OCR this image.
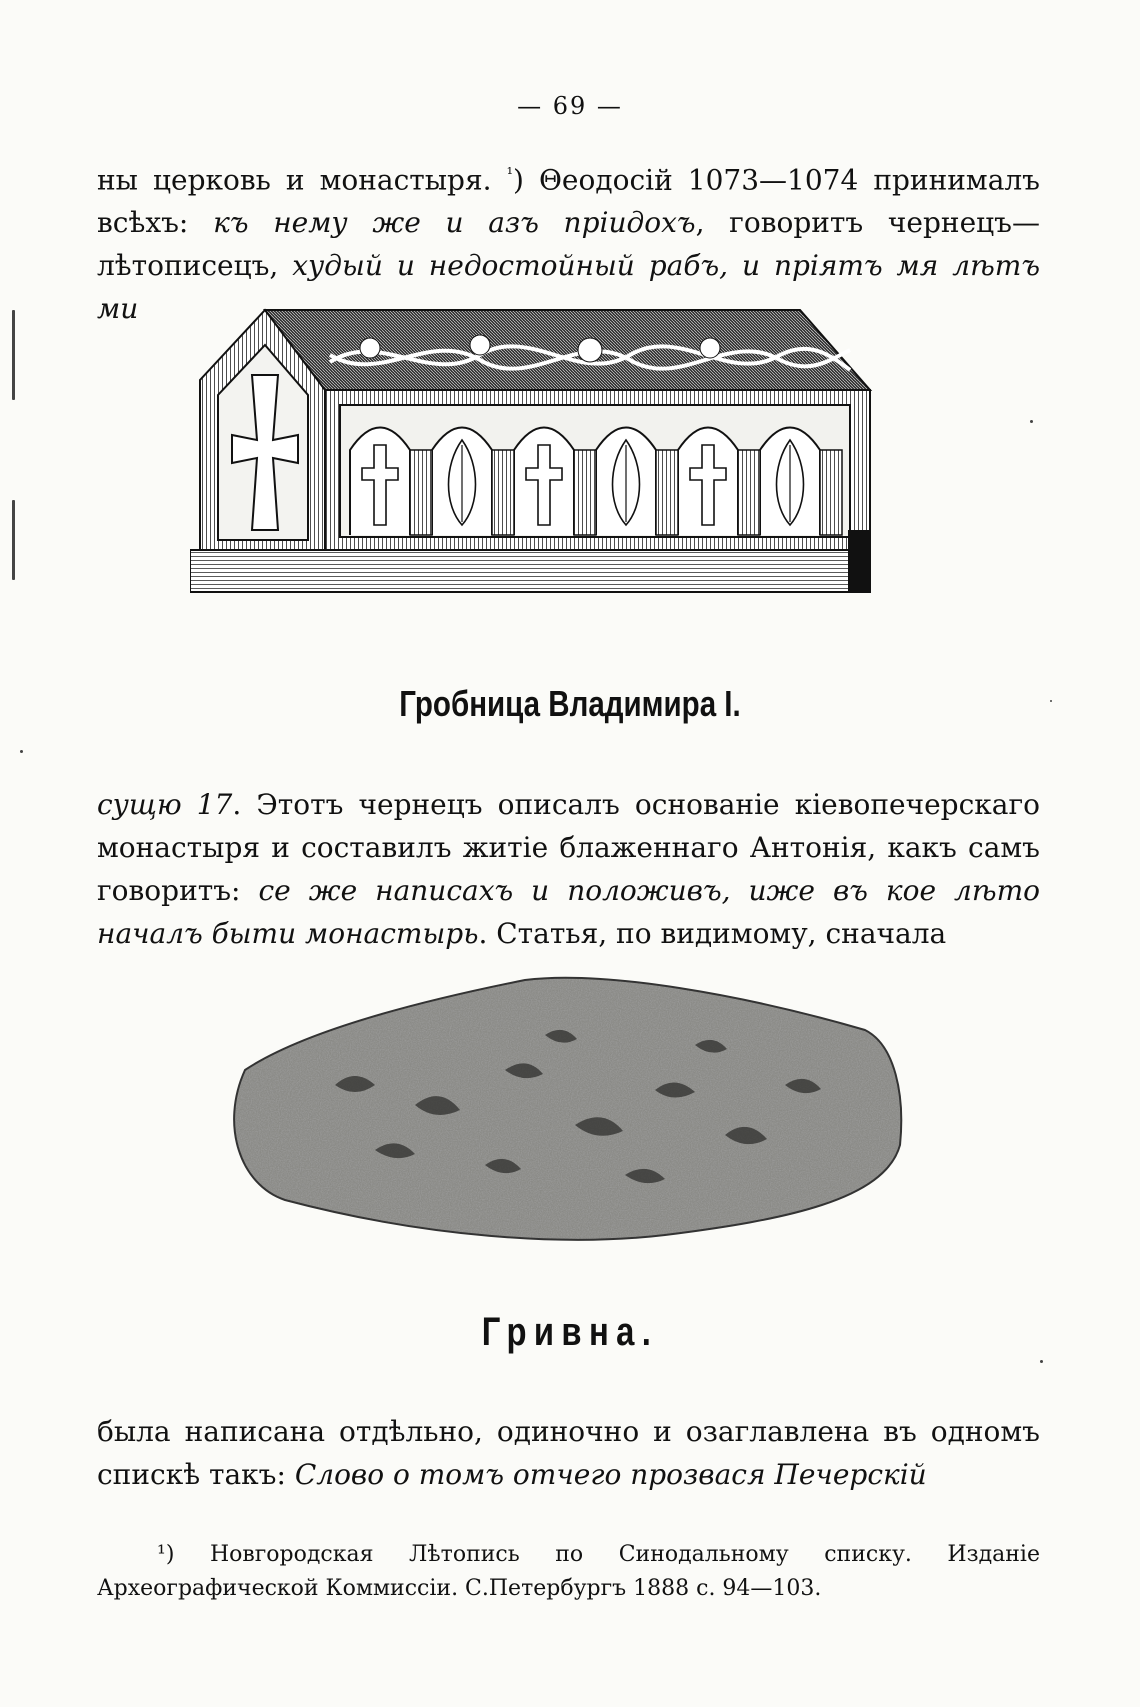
— 69 —
ны церковь и монастыря. $^{^1}$) Θеодосій 1073—1074 принималъ всѣхъ: къ нему же и азъ пріидохъ, говоритъ чернецъ—лѣтописецъ, худый и недостойный рабъ, и пріятъ мя лѣтъ ми
Гробница Владимира I.
сущю 17. Этотъ чернецъ описалъ основаніе кіевопечерскаго монастыря и составилъ житіе блаженнаго Антонія, какъ самъ говоритъ: се же написахъ и положивъ, иже въ кое лѣто началъ быти монастырь. Статья, по видимому, сначала
Гривна.
была написана отдѣльно, одиночно и озаглавлена въ одномъ спискѣ такъ: Слово о томъ отчего прозвася Печерскій
¹) Новгородская Лѣтопись по Синодальному списку. Изданіе Археографической Коммиссіи. С.Петербургъ 1888 с. 94—103.
